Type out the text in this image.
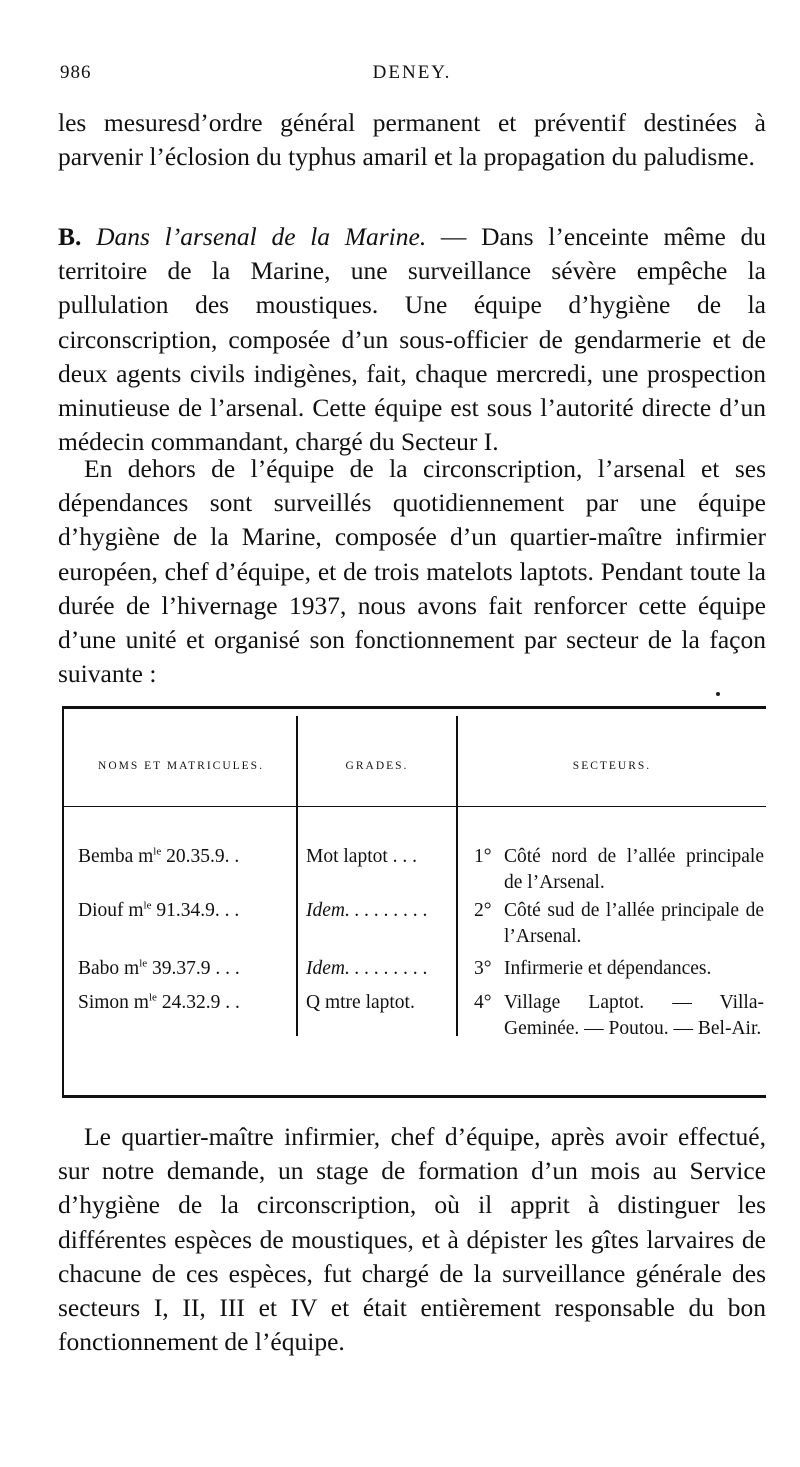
986	DENEY.

les mesuresd’ordre général permanent et préventif destinées à parvenir l’éclosion du typhus amaril et la propagation du paludisme.

B. Dans l’arsenal de la Marine. — Dans l’enceinte même du territoire de la Marine, une surveillance sévère empêche la pullulation des moustiques. Une équipe d’hygiène de la circonscription, composée d’un sous-officier de gendarmerie et de deux agents civils indigènes, fait, chaque mercredi, une prospection minutieuse de l’arsenal. Cette équipe est sous l’autorité directe d’un médecin commandant, chargé du Secteur I.

En dehors de l’équipe de la circonscription, l’arsenal et ses dépendances sont surveillés quotidiennement par une équipe d’hygiène de la Marine, composée d’un quartier-maître infirmier européen, chef d’équipe, et de trois matelots laptots. Pendant toute la durée de l’hivernage 1937, nous avons fait renforcer cette équipe d’une unité et organisé son fonctionnement par secteur de la façon suivante :

NOMS ET MATRICULES.	GRADES.	SECTEURS.
Bemba $m^{le}$ 20.35.9. .	Mot laptot . . .	1° Côté nord de l’allée principale de l’Arsenal.
Diouf $m^{le}$ 91.34.9. . .	Idem. . . . . . . . .	2° Côté sud de l’allée principale de l’Arsenal.
Babo $m^{le}$ 39.37.9 . . .	Idem. . . . . . . . .	3° Infirmerie et dépendances.
Simon $m^{le}$ 24.32.9 . .	Q mtre laptot.	4° Village Laptot. — Villa-Geminée. — Poutou. — Bel-Air.

Le quartier-maître infirmier, chef d’équipe, après avoir effectué, sur notre demande, un stage de formation d’un mois au Service d’hygiène de la circonscription, où il apprit à distinguer les différentes espèces de moustiques, et à dépister les gîtes larvaires de chacune de ces espèces, fut chargé de la surveillance générale des secteurs I, II, III et IV et était entièrement responsable du bon fonctionnement de l’équipe.
